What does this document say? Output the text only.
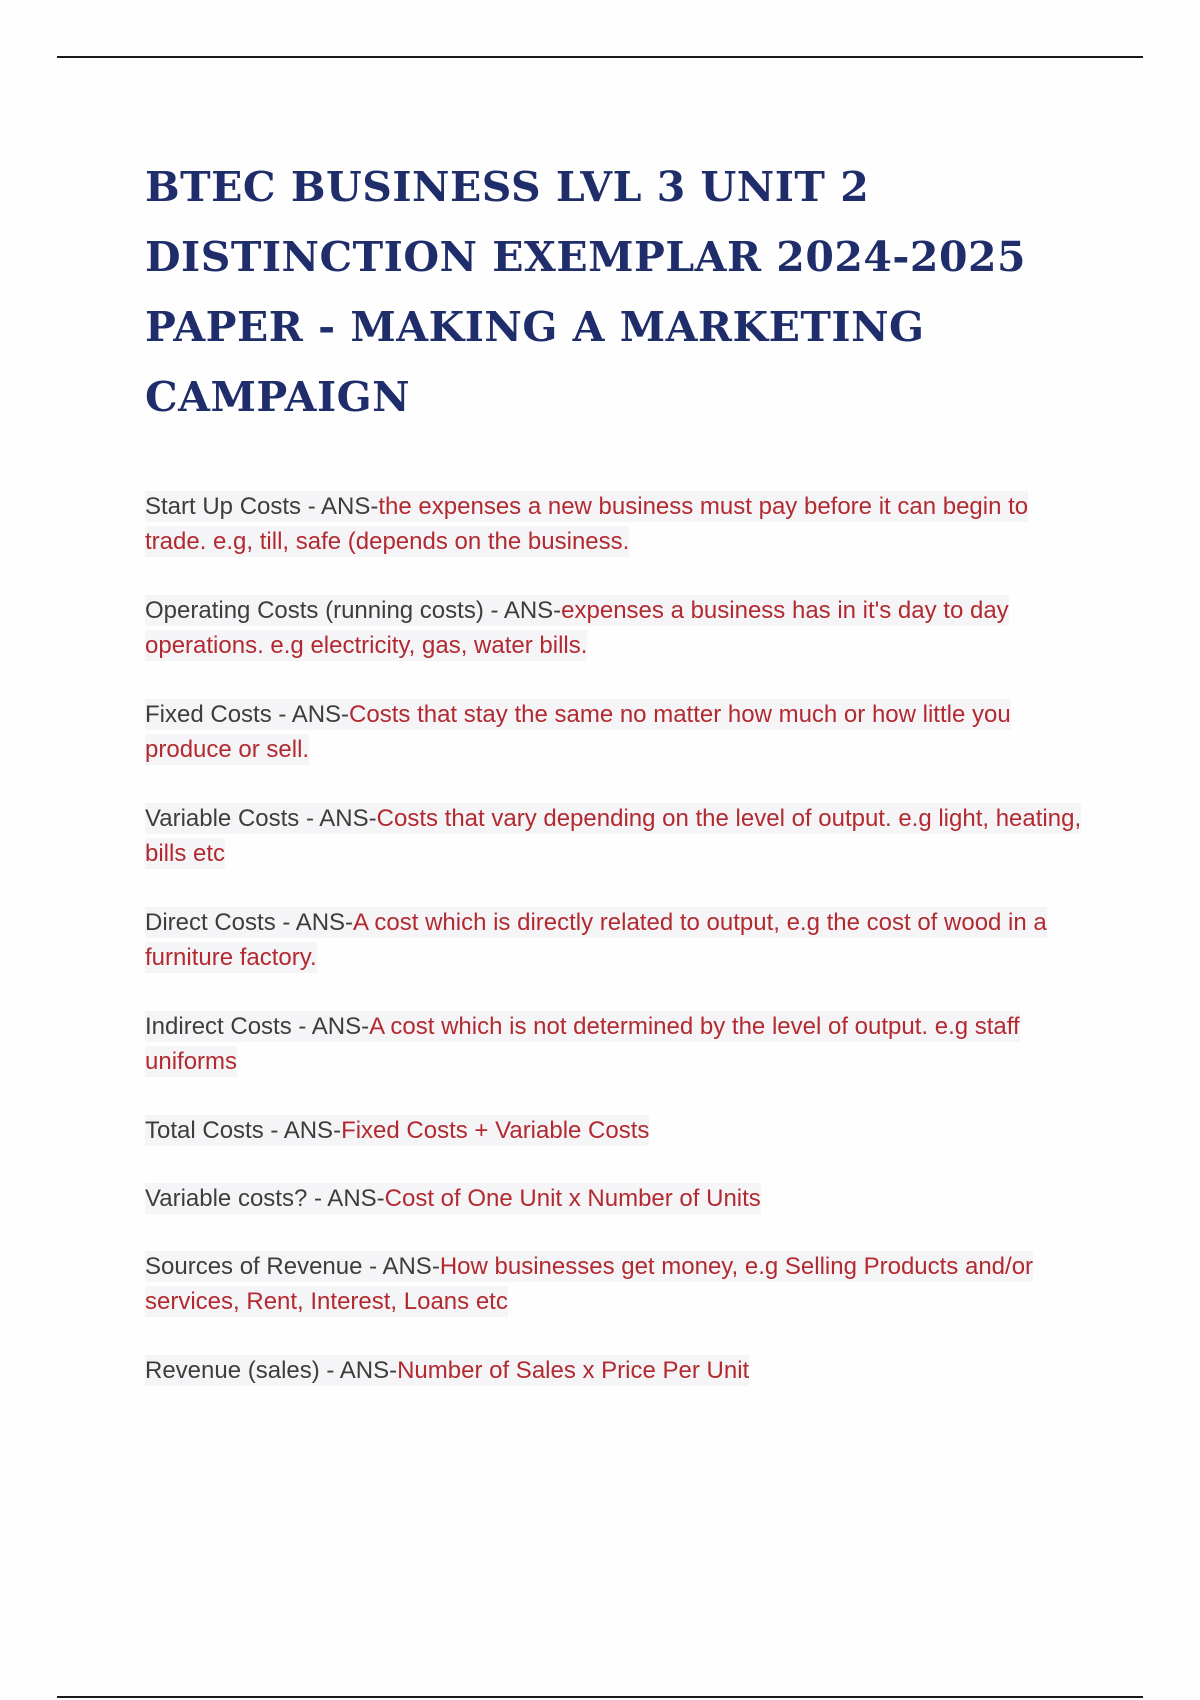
BTEC BUSINESS LVL 3 UNIT 2 DISTINCTION EXEMPLAR 2024-2025 PAPER - MAKING A MARKETING CAMPAIGN
Start Up Costs - ANS-the expenses a new business must pay before it can begin to trade. e.g, till, safe (depends on the business.
Operating Costs (running costs) - ANS-expenses a business has in it's day to day operations. e.g electricity, gas, water bills.
Fixed Costs - ANS-Costs that stay the same no matter how much or how little you produce or sell.
Variable Costs - ANS-Costs that vary depending on the level of output. e.g light, heating, bills etc
Direct Costs - ANS-A cost which is directly related to output, e.g the cost of wood in a furniture factory.
Indirect Costs - ANS-A cost which is not determined by the level of output. e.g staff uniforms
Total Costs - ANS-Fixed Costs + Variable Costs
Variable costs? - ANS-Cost of One Unit x Number of Units
Sources of Revenue - ANS-How businesses get money, e.g Selling Products and/or services, Rent, Interest, Loans etc
Revenue (sales) - ANS-Number of Sales x Price Per Unit
